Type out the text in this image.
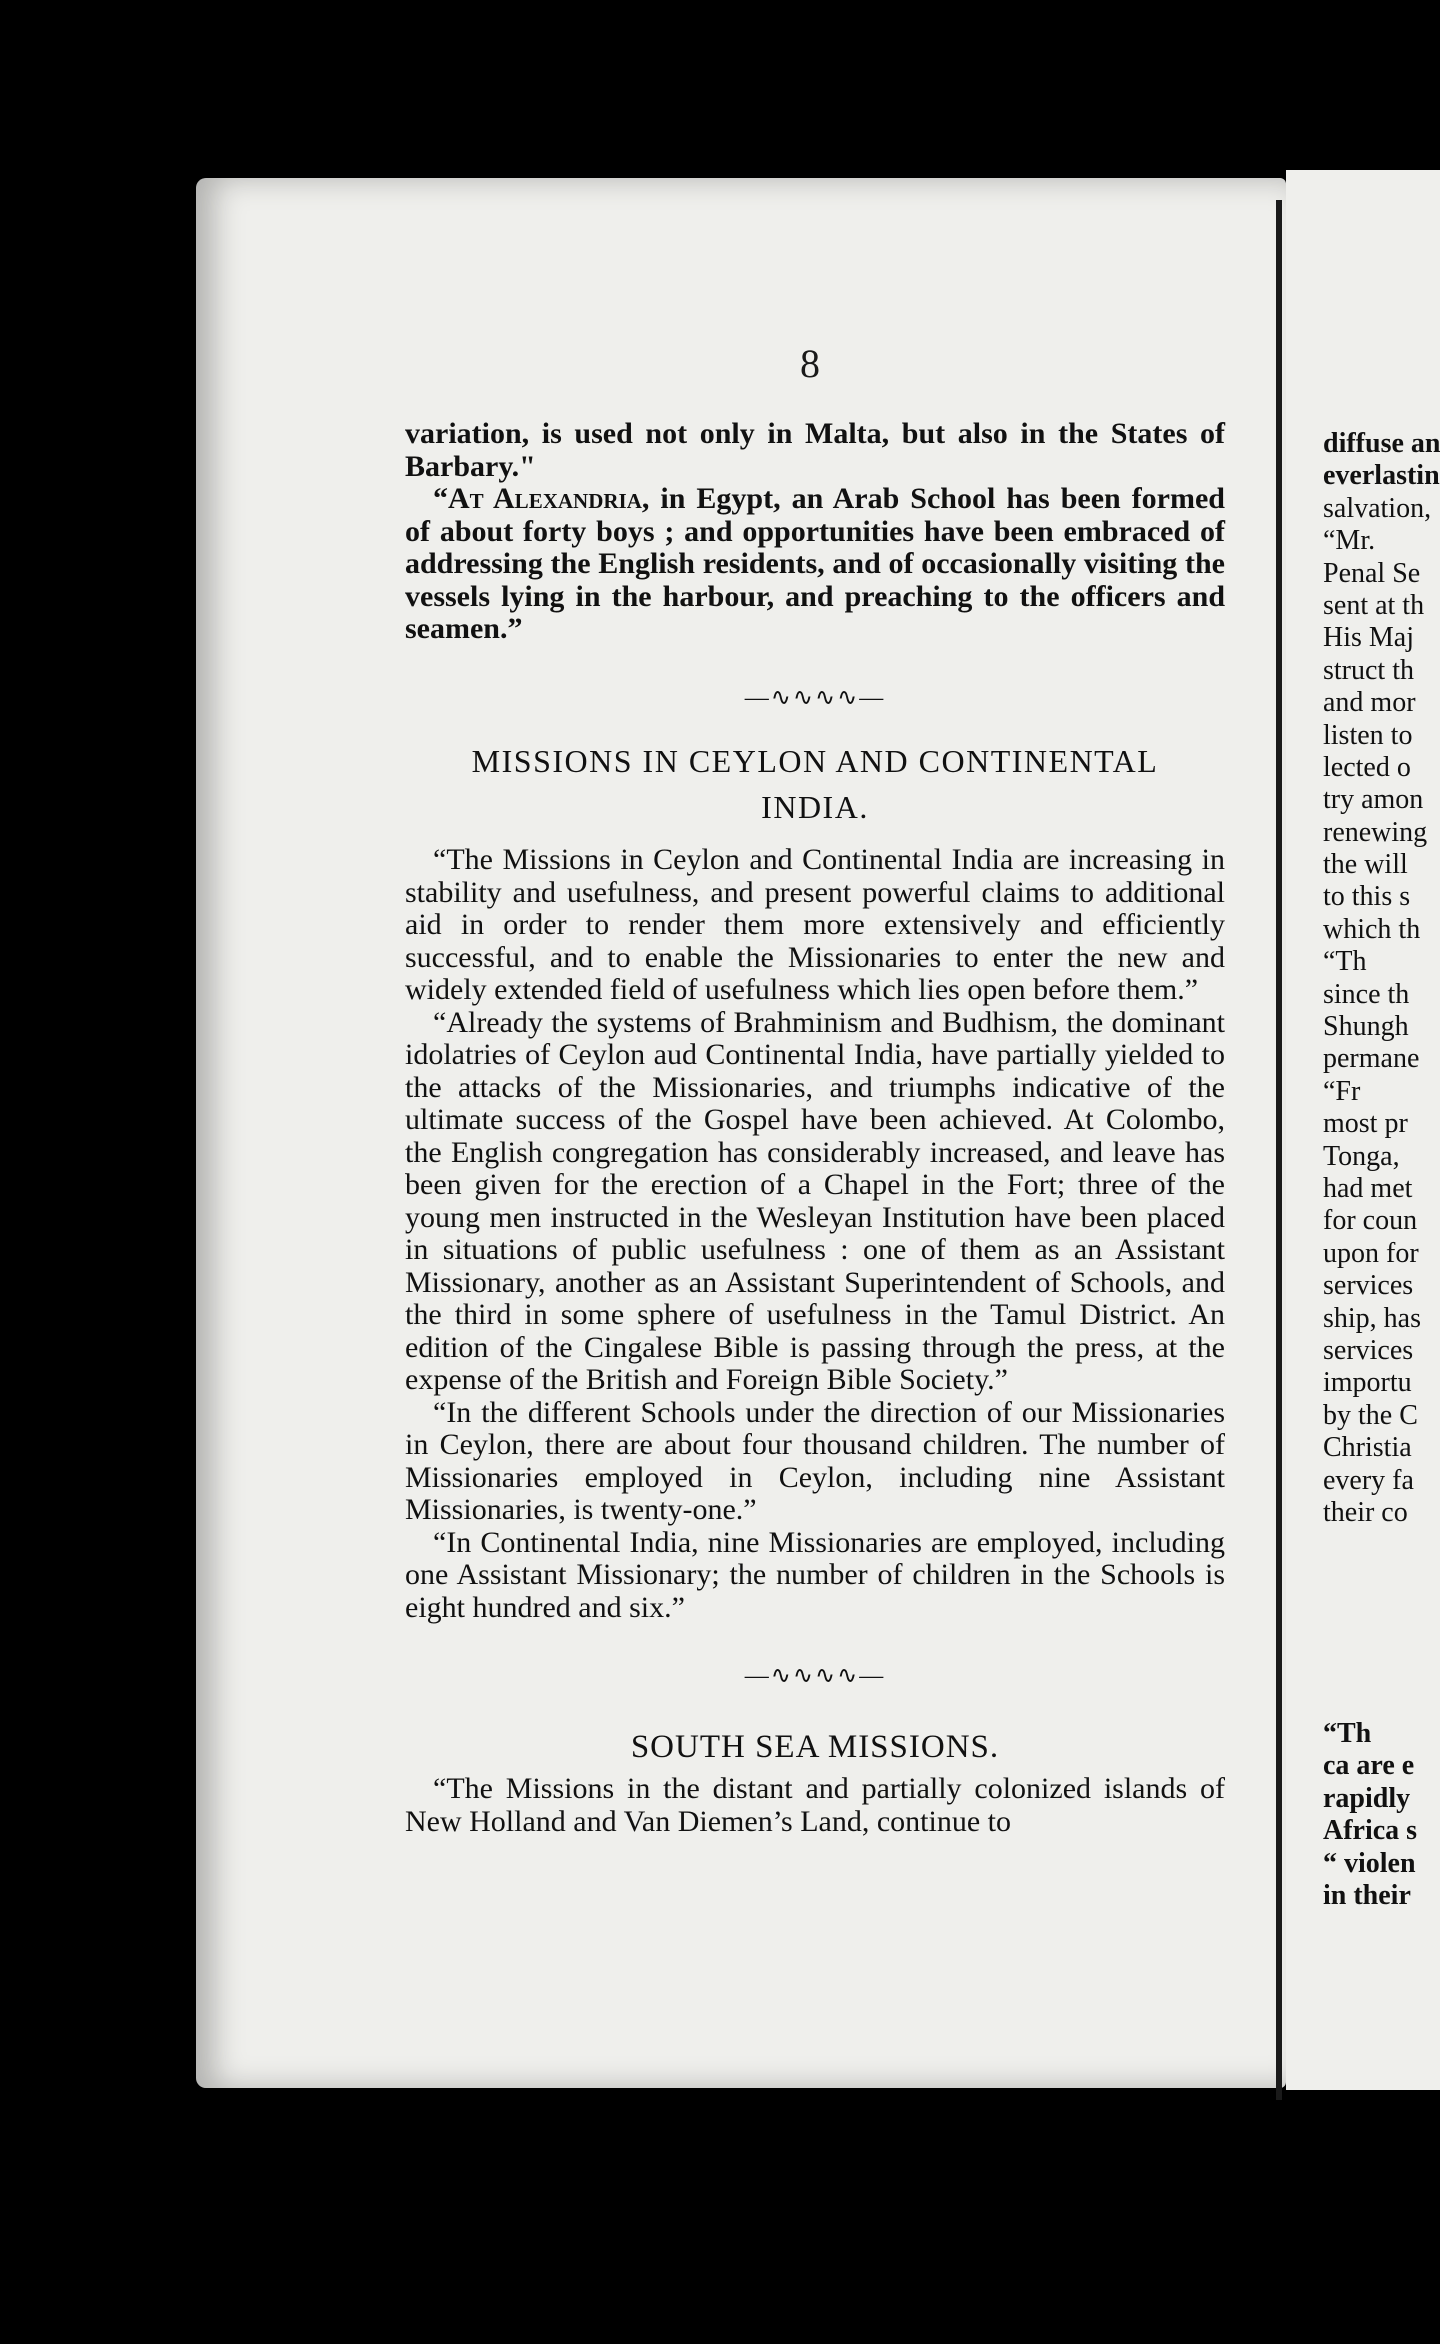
8

variation, is used not only in Malta, but also in the States of Barbary."

“At Alexandria, in Egypt, an Arab School has been formed of about forty boys ; and opportunities have been embraced of addressing the English residents, and of occasionally visiting the vessels lying in the harbour, and preaching to the officers and seamen.”

—∿∿∿∿—
MISSIONS IN CEYLON AND CONTINENTAL
INDIA.

“The Missions in Ceylon and Continental India are increasing in stability and usefulness, and present powerful claims to additional aid in order to render them more extensively and efficiently successful, and to enable the Missionaries to enter the new and widely extended field of usefulness which lies open before them.”

“Already the systems of Brahminism and Budhism, the dominant idolatries of Ceylon aud Continental India, have partially yielded to the attacks of the Missionaries, and triumphs indicative of the ultimate success of the Gospel have been achieved. At Colombo, the English congregation has considerably increased, and leave has been given for the erection of a Chapel in the Fort; three of the young men instructed in the Wesleyan Institution have been placed in situations of public usefulness : one of them as an Assistant Missionary, another as an Assistant Superintendent of Schools, and the third in some sphere of usefulness in the Tamul District. An edition of the Cingalese Bible is passing through the press, at the expense of the British and Foreign Bible Society.”

“In the different Schools under the direction of our Missionaries in Ceylon, there are about four thousand children. The number of Missionaries employed in Ceylon, including nine Assistant Missionaries, is twenty-one.”

“In Continental India, nine Missionaries are employed, including one Assistant Missionary; the number of children in the Schools is eight hundred and six.”

—∿∿∿∿—
SOUTH SEA MISSIONS.

“The Missions in the distant and partially colonized islands of New Holland and Van Diemen’s Land, continue to

diffuse an
everlastin
salvation,
“Mr.
Penal Se
sent at th
His Maj
struct th
and mor
listen to
lected o
try amon
renewing
the will
to this s
which th
“Th
since th
Shungh
permane
“Fr
most pr
Tonga,
had met
for coun
upon for
services
ship, has
services
importu
by the C
Christia
every fa
their co
“Th
ca are e
rapidly
Africa s
“ violen
in their
